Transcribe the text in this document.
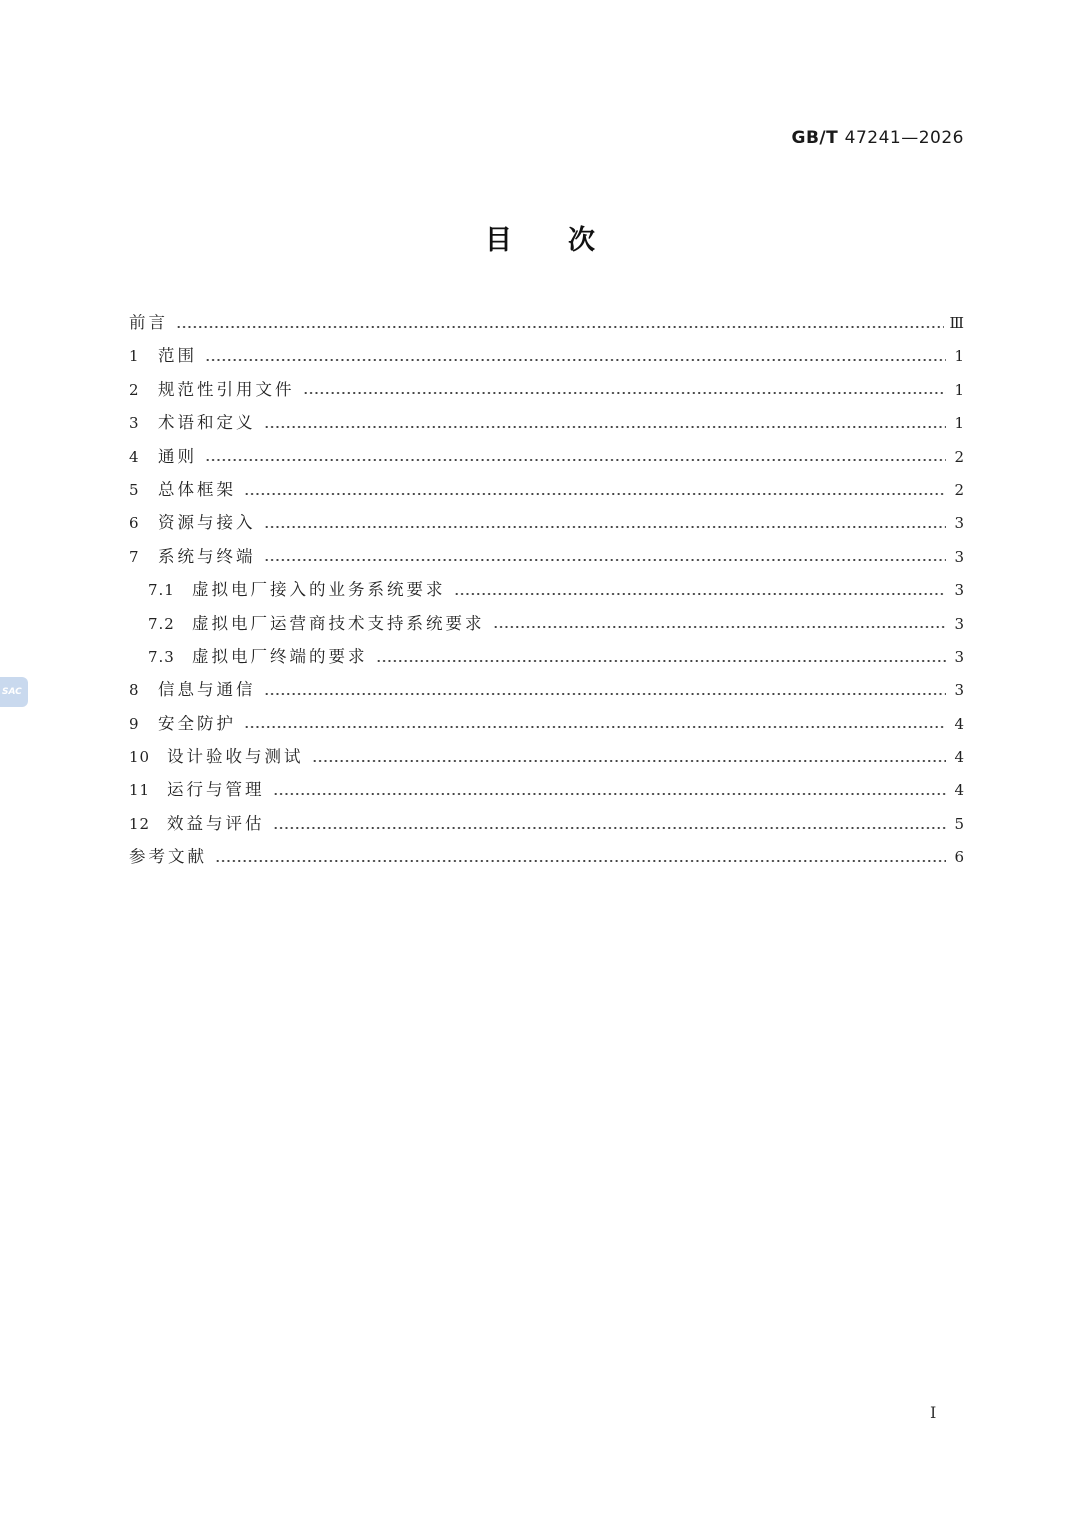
GB/T 47241—2026
目次
SAC
前言	Ⅲ
1	范围	1
2	规范性引用文件	1
3	术语和定义	1
4	通则	2
5	总体框架	2
6	资源与接入	3
7	系统与终端	3
7.1	虚拟电厂接入的业务系统要求	3
7.2	虚拟电厂运营商技术支持系统要求	3
7.3	虚拟电厂终端的要求	3
8	信息与通信	3
9	安全防护	4
10	设计验收与测试	4
11	运行与管理	4
12	效益与评估	5
参考文献	6
I
